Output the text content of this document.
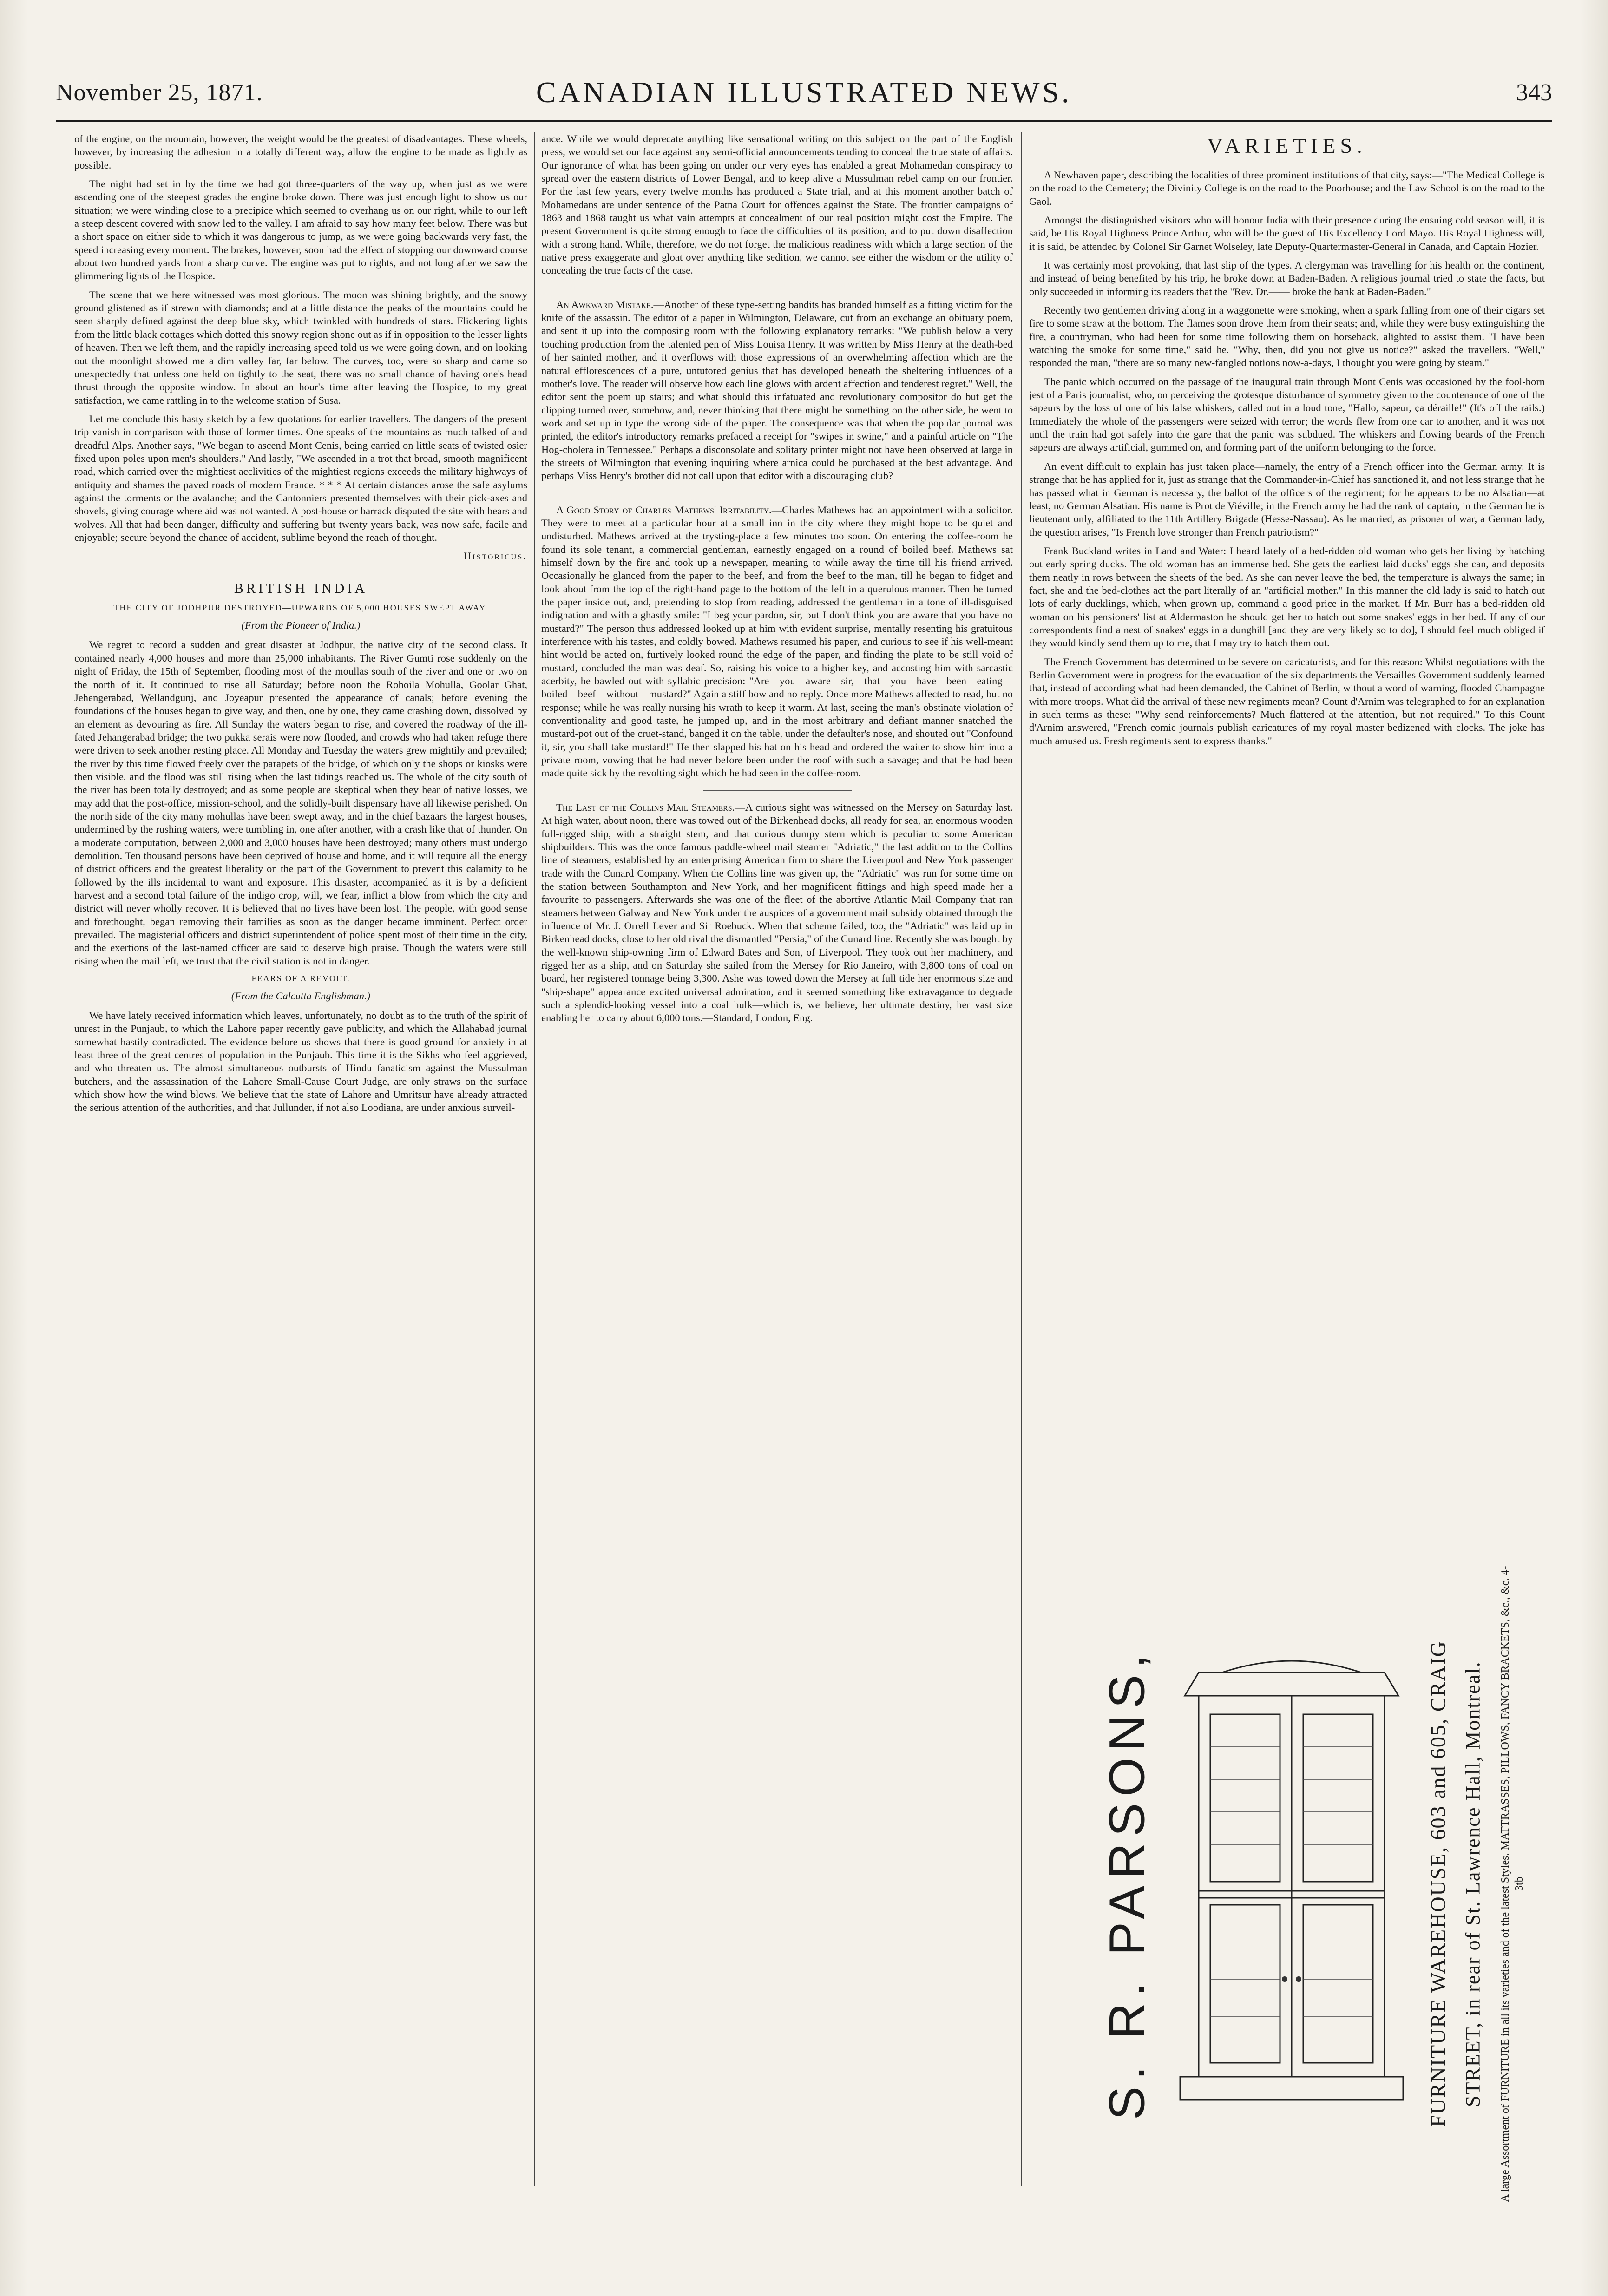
November 25, 1871.	CANADIAN ILLUSTRATED NEWS.	343

of the engine; on the mountain, however, the weight would be the greatest of disadvantages. These wheels, however, by increasing the adhesion in a totally different way, allow the engine to be made as lightly as possible.

The night had set in by the time we had got three-quarters of the way up, when just as we were ascending one of the steepest grades the engine broke down. There was just enough light to show us our situation; we were winding close to a precipice which seemed to overhang us on our right, while to our left a steep descent covered with snow led to the valley. I am afraid to say how many feet below. There was but a short space on either side to which it was dangerous to jump, as we were going backwards very fast, the speed increasing every moment. The brakes, however, soon had the effect of stopping our downward course about two hundred yards from a sharp curve. The engine was put to rights, and not long after we saw the glimmering lights of the Hospice.

The scene that we here witnessed was most glorious. The moon was shining brightly, and the snowy ground glistened as if strewn with diamonds; and at a little distance the peaks of the mountains could be seen sharply defined against the deep blue sky, which twinkled with hundreds of stars. Flickering lights from the little black cottages which dotted this snowy region shone out as if in opposition to the lesser lights of heaven. Then we left them, and the rapidly increasing speed told us we were going down, and on looking out the moonlight showed me a dim valley far, far below. The curves, too, were so sharp and came so unexpectedly that unless one held on tightly to the seat, there was no small chance of having one's head thrust through the opposite window. In about an hour's time after leaving the Hospice, to my great satisfaction, we came rattling in to the welcome station of Susa.

Let me conclude this hasty sketch by a few quotations for earlier travellers. The dangers of the present trip vanish in comparison with those of former times. One speaks of the mountains as much talked of and dreadful Alps. Another says, "We began to ascend Mont Cenis, being carried on little seats of twisted osier fixed upon poles upon men's shoulders." And lastly, "We ascended in a trot that broad, smooth magnificent road, which carried over the mightiest acclivities of the mightiest regions exceeds the military highways of antiquity and shames the paved roads of modern France. * * * At certain distances arose the safe asylums against the torments or the avalanche; and the Cantonniers presented themselves with their pick-axes and shovels, giving courage where aid was not wanted. A post-house or barrack disputed the site with bears and wolves. All that had been danger, difficulty and suffering but twenty years back, was now safe, facile and enjoyable; secure beyond the chance of accident, sublime beyond the reach of thought.

Historicus.
BRITISH INDIA

THE CITY OF JODHPUR DESTROYED—UPWARDS OF 5,000 HOUSES SWEPT AWAY.

(From the Pioneer of India.)

We regret to record a sudden and great disaster at Jodhpur, the native city of the second class. It contained nearly 4,000 houses and more than 25,000 inhabitants. The River Gumti rose suddenly on the night of Friday, the 15th of September, flooding most of the moullas south of the river and one or two on the north of it. It continued to rise all Saturday; before noon the Rohoila Mohulla, Goolar Ghat, Jehengerabad, Wellandgunj, and Joyeapur presented the appearance of canals; before evening the foundations of the houses began to give way, and then, one by one, they came crashing down, dissolved by an element as devouring as fire. All Sunday the waters began to rise, and covered the roadway of the ill-fated Jehangerabad bridge; the two pukka serais were now flooded, and crowds who had taken refuge there were driven to seek another resting place. All Monday and Tuesday the waters grew mightily and prevailed; the river by this time flowed freely over the parapets of the bridge, of which only the shops or kiosks were then visible, and the flood was still rising when the last tidings reached us. The whole of the city south of the river has been totally destroyed; and as some people are skeptical when they hear of native losses, we may add that the post-office, mission-school, and the solidly-built dispensary have all likewise perished. On the north side of the city many mohullas have been swept away, and in the chief bazaars the largest houses, undermined by the rushing waters, were tumbling in, one after another, with a crash like that of thunder. On a moderate computation, between 2,000 and 3,000 houses have been destroyed; many others must undergo demolition. Ten thousand persons have been deprived of house and home, and it will require all the energy of district officers and the greatest liberality on the part of the Government to prevent this calamity to be followed by the ills incidental to want and exposure. This disaster, accompanied as it is by a deficient harvest and a second total failure of the indigo crop, will, we fear, inflict a blow from which the city and district will never wholly recover. It is believed that no lives have been lost. The people, with good sense and forethought, began removing their families as soon as the danger became imminent. Perfect order prevailed. The magisterial officers and district superintendent of police spent most of their time in the city, and the exertions of the last-named officer are said to deserve high praise. Though the waters were still rising when the mail left, we trust that the civil station is not in danger.

FEARS OF A REVOLT.

(From the Calcutta Englishman.)

We have lately received information which leaves, unfortunately, no doubt as to the truth of the spirit of unrest in the Punjaub, to which the Lahore paper recently gave publicity, and which the Allahabad journal somewhat hastily contradicted. The evidence before us shows that there is good ground for anxiety in at least three of the great centres of population in the Punjaub. This time it is the Sikhs who feel aggrieved, and who threaten us. The almost simultaneous outbursts of Hindu fanaticism against the Mussulman butchers, and the assassination of the Lahore Small-Cause Court Judge, are only straws on the surface which show how the wind blows. We believe that the state of Lahore and Umritsur have already attracted the serious attention of the authorities, and that Jullunder, if not also Loodiana, are under anxious surveil-

ance. While we would deprecate anything like sensational writing on this subject on the part of the English press, we would set our face against any semi-official announcements tending to conceal the true state of affairs. Our ignorance of what has been going on under our very eyes has enabled a great Mohamedan conspiracy to spread over the eastern districts of Lower Bengal, and to keep alive a Mussulman rebel camp on our frontier. For the last few years, every twelve months has produced a State trial, and at this moment another batch of Mohamedans are under sentence of the Patna Court for offences against the State. The frontier campaigns of 1863 and 1868 taught us what vain attempts at concealment of our real position might cost the Empire. The present Government is quite strong enough to face the difficulties of its position, and to put down disaffection with a strong hand. While, therefore, we do not forget the malicious readiness with which a large section of the native press exaggerate and gloat over anything like sedition, we cannot see either the wisdom or the utility of concealing the true facts of the case.

An Awkward Mistake.—Another of these type-setting bandits has branded himself as a fitting victim for the knife of the assassin. The editor of a paper in Wilmington, Delaware, cut from an exchange an obituary poem, and sent it up into the composing room with the following explanatory remarks: "We publish below a very touching production from the talented pen of Miss Louisa Henry. It was written by Miss Henry at the death-bed of her sainted mother, and it overflows with those expressions of an overwhelming affection which are the natural efflorescences of a pure, untutored genius that has developed beneath the sheltering influences of a mother's love. The reader will observe how each line glows with ardent affection and tenderest regret." Well, the editor sent the poem up stairs; and what should this infatuated and revolutionary compositor do but get the clipping turned over, somehow, and, never thinking that there might be something on the other side, he went to work and set up in type the wrong side of the paper. The consequence was that when the popular journal was printed, the editor's introductory remarks prefaced a receipt for "swipes in swine," and a painful article on "The Hog-cholera in Tennessee." Perhaps a disconsolate and solitary printer might not have been observed at large in the streets of Wilmington that evening inquiring where arnica could be purchased at the best advantage. And perhaps Miss Henry's brother did not call upon that editor with a discouraging club?

A Good Story of Charles Mathews' Irritability.—Charles Mathews had an appointment with a solicitor. They were to meet at a particular hour at a small inn in the city where they might hope to be quiet and undisturbed. Mathews arrived at the trysting-place a few minutes too soon. On entering the coffee-room he found its sole tenant, a commercial gentleman, earnestly engaged on a round of boiled beef. Mathews sat himself down by the fire and took up a newspaper, meaning to while away the time till his friend arrived. Occasionally he glanced from the paper to the beef, and from the beef to the man, till he began to fidget and look about from the top of the right-hand page to the bottom of the left in a querulous manner. Then he turned the paper inside out, and, pretending to stop from reading, addressed the gentleman in a tone of ill-disguised indignation and with a ghastly smile: "I beg your pardon, sir, but I don't think you are aware that you have no mustard?" The person thus addressed looked up at him with evident surprise, mentally resenting his gratuitous interference with his tastes, and coldly bowed. Mathews resumed his paper, and curious to see if his well-meant hint would be acted on, furtively looked round the edge of the paper, and finding the plate to be still void of mustard, concluded the man was deaf. So, raising his voice to a higher key, and accosting him with sarcastic acerbity, he bawled out with syllabic precision: "Are—you—aware—sir,—that—you—have—been—eating—boiled—beef—without—mustard?" Again a stiff bow and no reply. Once more Mathews affected to read, but no response; while he was really nursing his wrath to keep it warm. At last, seeing the man's obstinate violation of conventionality and good taste, he jumped up, and in the most arbitrary and defiant manner snatched the mustard-pot out of the cruet-stand, banged it on the table, under the defaulter's nose, and shouted out "Confound it, sir, you shall take mustard!" He then slapped his hat on his head and ordered the waiter to show him into a private room, vowing that he had never before been under the roof with such a savage; and that he had been made quite sick by the revolting sight which he had seen in the coffee-room.

The Last of the Collins Mail Steamers.—A curious sight was witnessed on the Mersey on Saturday last. At high water, about noon, there was towed out of the Birkenhead docks, all ready for sea, an enormous wooden full-rigged ship, with a straight stem, and that curious dumpy stern which is peculiar to some American shipbuilders. This was the once famous paddle-wheel mail steamer "Adriatic," the last addition to the Collins line of steamers, established by an enterprising American firm to share the Liverpool and New York passenger trade with the Cunard Company. When the Collins line was given up, the "Adriatic" was run for some time on the station between Southampton and New York, and her magnificent fittings and high speed made her a favourite to passengers. Afterwards she was one of the fleet of the abortive Atlantic Mail Company that ran steamers between Galway and New York under the auspices of a government mail subsidy obtained through the influence of Mr. J. Orrell Lever and Sir Roebuck. When that scheme failed, too, the "Adriatic" was laid up in Birkenhead docks, close to her old rival the dismantled "Persia," of the Cunard line. Recently she was bought by the well-known ship-owning firm of Edward Bates and Son, of Liverpool. They took out her machinery, and rigged her as a ship, and on Saturday she sailed from the Mersey for Rio Janeiro, with 3,800 tons of coal on board, her registered tonnage being 3,300. Ashe was towed down the Mersey at full tide her enormous size and "ship-shape" appearance excited universal admiration, and it seemed something like extravagance to degrade such a splendid-looking vessel into a coal hulk—which is, we believe, her ultimate destiny, her vast size enabling her to carry about 6,000 tons.—Standard, London, Eng.

VARIETIES.

A Newhaven paper, describing the localities of three prominent institutions of that city, says:—"The Medical College is on the road to the Cemetery; the Divinity College is on the road to the Poorhouse; and the Law School is on the road to the Gaol.

Amongst the distinguished visitors who will honour India with their presence during the ensuing cold season will, it is said, be His Royal Highness Prince Arthur, who will be the guest of His Excellency Lord Mayo. His Royal Highness will, it is said, be attended by Colonel Sir Garnet Wolseley, late Deputy-Quartermaster-General in Canada, and Captain Hozier.

It was certainly most provoking, that last slip of the types. A clergyman was travelling for his health on the continent, and instead of being benefited by his trip, he broke down at Baden-Baden. A religious journal tried to state the facts, but only succeeded in informing its readers that the "Rev. Dr.—— broke the bank at Baden-Baden."

Recently two gentlemen driving along in a waggonette were smoking, when a spark falling from one of their cigars set fire to some straw at the bottom. The flames soon drove them from their seats; and, while they were busy extinguishing the fire, a countryman, who had been for some time following them on horseback, alighted to assist them. "I have been watching the smoke for some time," said he. "Why, then, did you not give us notice?" asked the travellers. "Well," responded the man, "there are so many new-fangled notions now-a-days, I thought you were going by steam."

The panic which occurred on the passage of the inaugural train through Mont Cenis was occasioned by the fool-born jest of a Paris journalist, who, on perceiving the grotesque disturbance of symmetry given to the countenance of one of the sapeurs by the loss of one of his false whiskers, called out in a loud tone, "Hallo, sapeur, ça déraille!" (It's off the rails.) Immediately the whole of the passengers were seized with terror; the words flew from one car to another, and it was not until the train had got safely into the gare that the panic was subdued. The whiskers and flowing beards of the French sapeurs are always artificial, gummed on, and forming part of the uniform belonging to the force.

An event difficult to explain has just taken place—namely, the entry of a French officer into the German army. It is strange that he has applied for it, just as strange that the Commander-in-Chief has sanctioned it, and not less strange that he has passed what in German is necessary, the ballot of the officers of the regiment; for he appears to be no Alsatian—at least, no German Alsatian. His name is Prot de Viéville; in the French army he had the rank of captain, in the German he is lieutenant only, affiliated to the 11th Artillery Brigade (Hesse-Nassau). As he married, as prisoner of war, a German lady, the question arises, "Is French love stronger than French patriotism?"

Frank Buckland writes in Land and Water: I heard lately of a bed-ridden old woman who gets her living by hatching out early spring ducks. The old woman has an immense bed. She gets the earliest laid ducks' eggs she can, and deposits them neatly in rows between the sheets of the bed. As she can never leave the bed, the temperature is always the same; in fact, she and the bed-clothes act the part literally of an "artificial mother." In this manner the old lady is said to hatch out lots of early ducklings, which, when grown up, command a good price in the market. If Mr. Burr has a bed-ridden old woman on his pensioners' list at Aldermaston he should get her to hatch out some snakes' eggs in her bed. If any of our correspondents find a nest of snakes' eggs in a dunghill [and they are very likely so to do], I should feel much obliged if they would kindly send them up to me, that I may try to hatch them out.

The French Government has determined to be severe on caricaturists, and for this reason: Whilst negotiations with the Berlin Government were in progress for the evacuation of the six departments the Versailles Government suddenly learned that, instead of according what had been demanded, the Cabinet of Berlin, without a word of warning, flooded Champagne with more troops. What did the arrival of these new regiments mean? Count d'Arnim was telegraphed to for an explanation in such terms as these: "Why send reinforcements? Much flattered at the attention, but not required." To this Count d'Arnim answered, "French comic journals publish caricatures of my royal master bedizened with clocks. The joke has much amused us. Fresh regiments sent to express thanks."

S. R. PARSONS,	FURNITURE WAREHOUSE, 603 and 605, CRAIG STREET, in rear of St. Lawrence Hall, Montreal.	A large Assortment of FURNITURE in all its varieties and of the latest Styles. MATTRASSES, PILLOWS, FANCY BRACKETS, &c., &c. 4-3tb
